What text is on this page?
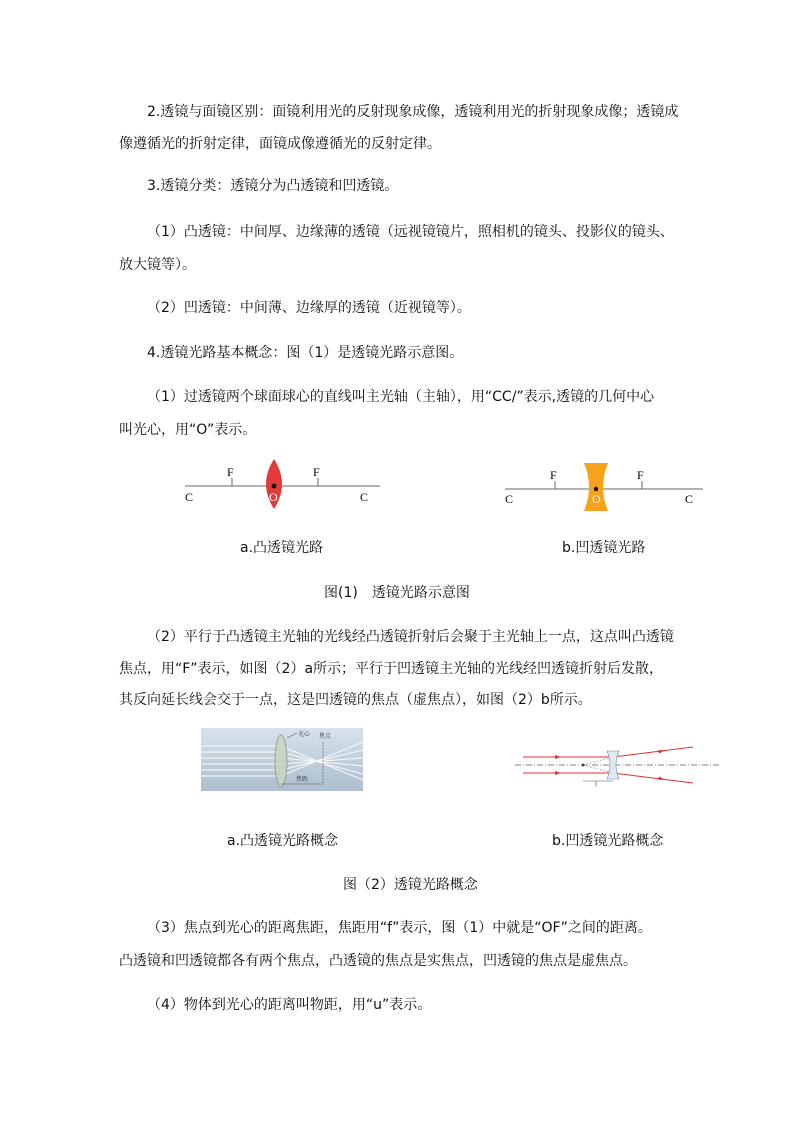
2.透镜与面镜区别：面镜利用光的反射现象成像，透镜利用光的折射现象成像；透镜成
像遵循光的折射定律，面镜成像遵循光的反射定律。
3.透镜分类：透镜分为凸透镜和凹透镜。
（1）凸透镜：中间厚、边缘薄的透镜（远视镜镜片，照相机的镜头、投影仪的镜头、
放大镜等）。
（2）凹透镜：中间薄、边缘厚的透镜（近视镜等）。
4.透镜光路基本概念：图（1）是透镜光路示意图。
（1）过透镜两个球面球心的直线叫主光轴（主轴），用“CC/”表示,透镜的几何中心
叫光心，用“O”表示。
F	F
C	C
O
F	F
C	C
O
a.凸透镜光路	b.凹透镜光路
图(1)　透镜光路示意图
（2）平行于凸透镜主光轴的光线经凸透镜折射后会聚于主光轴上一点，这点叫凸透镜
焦点，用“F”表示，如图（2）a所示；平行于凹透镜主光轴的光线经凹透镜折射后发散，
其反向延长线会交于一点，这是凹透镜的焦点（虚焦点），如图（2）b所示。
光心 焦点
焦距
f
a.凸透镜光路概念	b.凹透镜光路概念
图（2）透镜光路概念
（3）焦点到光心的距离焦距，焦距用“f”表示，图（1）中就是“OF”之间的距离。
凸透镜和凹透镜都各有两个焦点，凸透镜的焦点是实焦点，凹透镜的焦点是虚焦点。
（4）物体到光心的距离叫物距，用“u”表示。
